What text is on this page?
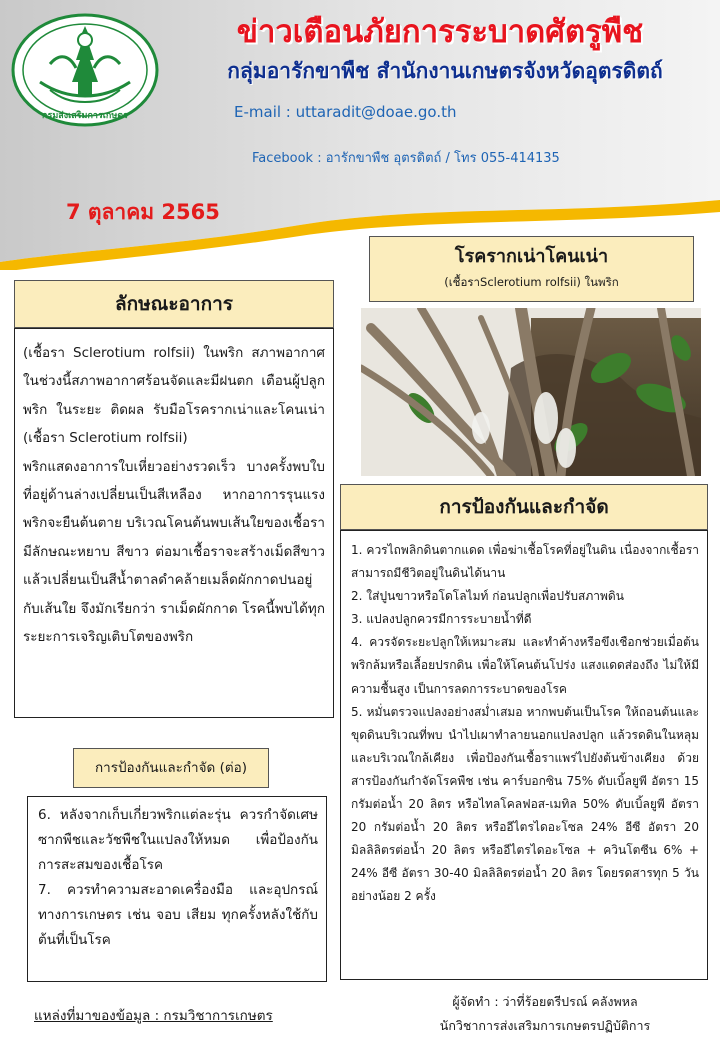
กรมส่งเสริมการเกษตร
ข่าวเตือนภัยการระบาดศัตรูพืช
กลุ่มอารักขาพืช สำนักงานเกษตรจังหวัดอุตรดิตถ์
E-mail : uttaradit@doae.go.th
Facebook : อารักขาพืช อุตรดิตถ์ / โทร 055-414135
7 ตุลาคม 2565
โรครากเน่าโคนเน่า
(เชื้อราSclerotium rolfsii) ในพริก
ลักษณะอาการ

(เชื้อรา Sclerotium rolfsii) ในพริก สภาพอากาศในช่วงนี้สภาพอากาศร้อนจัดและมีฝนตก เตือนผู้ปลูกพริก ในระยะ ติดผล รับมือโรครากเน่าและโคนเน่า (เชื้อรา Sclerotium rolfsii)

พริกแสดงอาการใบเหี่ยวอย่างรวดเร็ว บางครั้งพบใบที่อยู่ด้านล่างเปลี่ยนเป็นสีเหลือง หากอาการรุนแรงพริกจะยืนต้นตาย บริเวณโคนต้นพบเส้นใยของเชื้อรา มีลักษณะหยาบ สีขาว ต่อมาเชื้อราจะสร้างเม็ดสีขาว แล้วเปลี่ยนเป็นสีน้ำตาลดำคล้ายเมล็ดผักกาดปนอยู่กับเส้นใย จึงมักเรียกว่า ราเม็ดผักกาด โรคนี้พบได้ทุกระยะการเจริญเติบโตของพริก

การป้องกันและกำจัด

1. ควรไถพลิกดินตากแดด เพื่อฆ่าเชื้อโรคที่อยู่ในดิน เนื่องจากเชื้อราสามารถมีชีวิตอยู่ในดินได้นาน

2. ใส่ปูนขาวหรือโดโลไมท์ ก่อนปลูกเพื่อปรับสภาพดิน

3. แปลงปลูกควรมีการระบายน้ำที่ดี

4. ควรจัดระยะปลูกให้เหมาะสม และทำค้างหรือขึงเชือกช่วยเมื่อต้นพริกล้มหรือเลื้อยปรกดิน เพื่อให้โคนต้นโปร่ง แสงแดดส่องถึง ไม่ให้มีความชื้นสูง เป็นการลดการระบาดของโรค

5. หมั่นตรวจแปลงอย่างสม่ำเสมอ หากพบต้นเป็นโรค ให้ถอนต้นและขุดดินบริเวณที่พบ นำไปเผาทำลายนอกแปลงปลูก แล้วรดดินในหลุมและบริเวณใกล้เคียง เพื่อป้องกันเชื้อราแพร่ไปยังต้นข้างเคียง ด้วยสารป้องกันกำจัดโรคพืช เช่น คาร์บอกซิน 75% ดับเบิ้ลยูพี อัตรา 15 กรัมต่อน้ำ 20 ลิตร หรือไทลโคลฟอส-เมทิล 50% ดับเบิ้ลยูพี อัตรา 20 กรัมต่อน้ำ 20 ลิตร หรืออีไตรไดอะโซล 24% อีซี อัตรา 20 มิลลิลิตรต่อน้ำ 20 ลิตร หรืออีไตรไดอะโซล + ควินโตซีน 6% + 24% อีซี อัตรา 30-40 มิลลิลิตรต่อน้ำ 20 ลิตร โดยรดสารทุก 5 วัน อย่างน้อย 2 ครั้ง

การป้องกันและกำจัด (ต่อ)

6. หลังจากเก็บเกี่ยวพริกแต่ละรุ่น ควรกำจัดเศษซากพืชและวัชพืชในแปลงให้หมด เพื่อป้องกันการสะสมของเชื้อโรค

7. ควรทำความสะอาดเครื่องมือ และอุปกรณ์ทางการเกษตร เช่น จอบ เสียม ทุกครั้งหลังใช้กับต้นที่เป็นโรค

แหล่งที่มาของข้อมูล : กรมวิชาการเกษตร
ผู้จัดทำ : ว่าที่ร้อยตรีปรณ์ คลังพหล
นักวิชาการส่งเสริมการเกษตรปฏิบัติการ
